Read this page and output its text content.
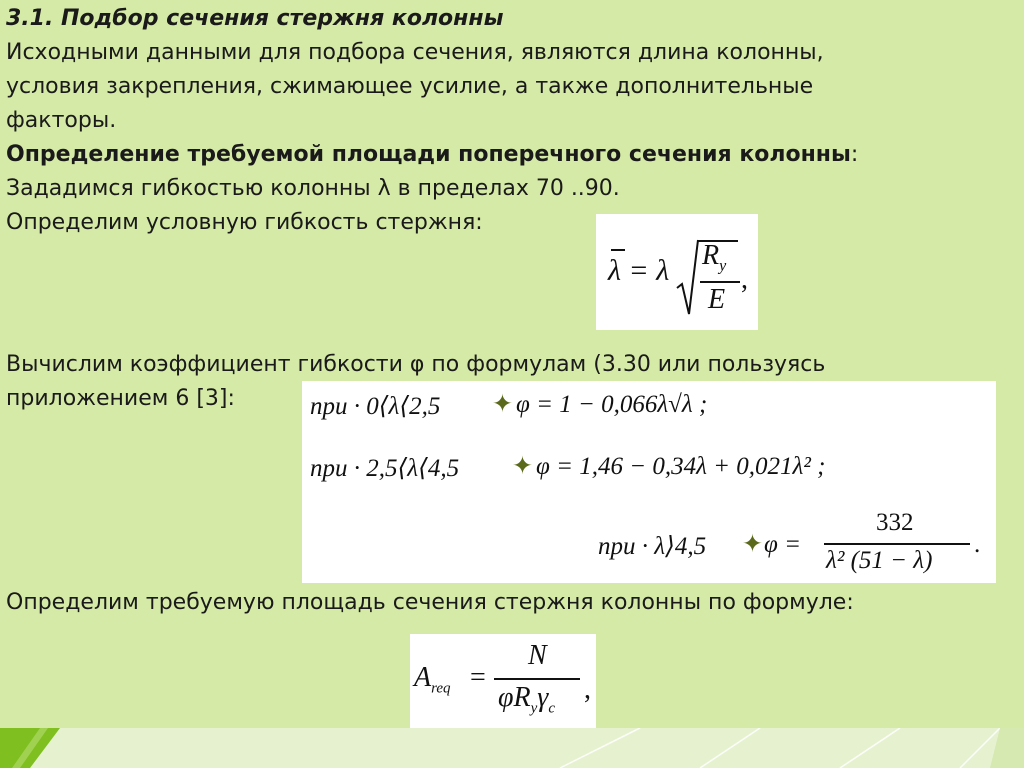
3.1. Подбор сечения стержня колонны
Исходными данными для подбора сечения, являются длина колонны,
условия закрепления, сжимающее усилие, а также дополнительные
факторы.
Определение требуемой площади поперечного сечения колонны:
Зададимся гибкостью колонны λ в пределах 70 ..90.
Определим условную гибкость стержня:
Вычислим коэффициент гибкости φ по формулам (3.30 или пользуясь
приложением 6 [3]:
Определим требуемую площадь сечения стержня колонны по формуле:
λ = λ $R_y$
E
,
при · 0⟨λ⟨2,5 ✦ φ = 1 − 0,066λ√λ ;
при · 2,5⟨λ⟨4,5 ✦ φ = 1,46 − 0,34λ + 0,021λ² ;
при · λ⟩4,5 ✦ φ =
332
λ² (51 − λ)
.
$A_{req}$ =
N
$\varphi R_y\gamma_c$
,
